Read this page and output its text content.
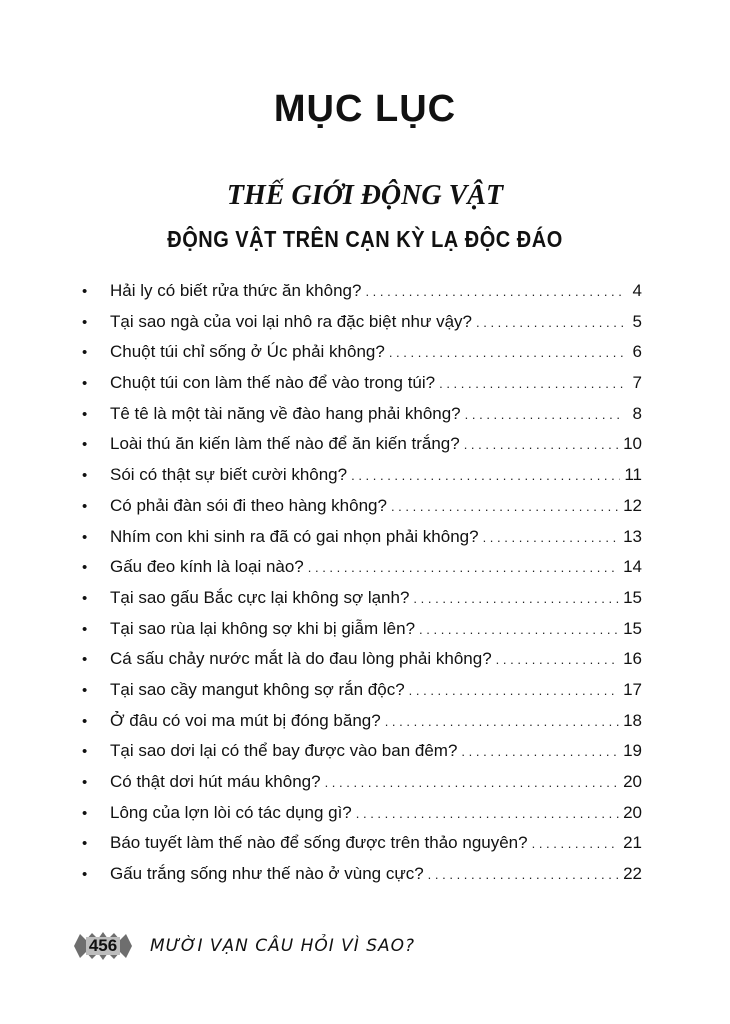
MỤC LỤC
THẾ GIỚI ĐỘNG VẬT
ĐỘNG VẬT TRÊN CẠN KỲ LẠ ĐỘC ĐÁO
•	Hải ly có biết rửa thức ăn không? . . .	4
•	Tại sao ngà của voi lại nhô ra đặc biệt như vậy? . . .	5
•	Chuột túi chỉ sống ở Úc phải không? . . .	6
•	Chuột túi con làm thế nào để vào trong túi? . . .	7
•	Tê tê là một tài năng về đào hang phải không? . . .	8
•	Loài thú ăn kiến làm thế nào để ăn kiến trắng? . . .	10
•	Sói có thật sự biết cười không? . . .	11
•	Có phải đàn sói đi theo hàng không? . . .	12
•	Nhím con khi sinh ra đã có gai nhọn phải không? . . .	13
•	Gấu đeo kính là loại nào? . . .	14
•	Tại sao gấu Bắc cực lại không sợ lạnh? . . .	15
•	Tại sao rùa lại không sợ khi bị giẫm lên? . . .	15
•	Cá sấu chảy nước mắt là do đau lòng phải không? . . .	16
•	Tại sao cầy mangut không sợ rắn độc? . . .	17
•	Ở đâu có voi ma mút bị đóng băng? . . .	18
•	Tại sao dơi lại có thể bay được vào ban đêm? . . .	19
•	Có thật dơi hút máu không? . . .	20
•	Lông của lợn lòi có tác dụng gì? . . .	20
•	Báo tuyết làm thế nào để sống được trên thảo nguyên? . . .	21
•	Gấu trắng sống như thế nào ở vùng cực? . . .	22
456 MƯỜI VẠN CÂU HỎI VÌ SAO?
